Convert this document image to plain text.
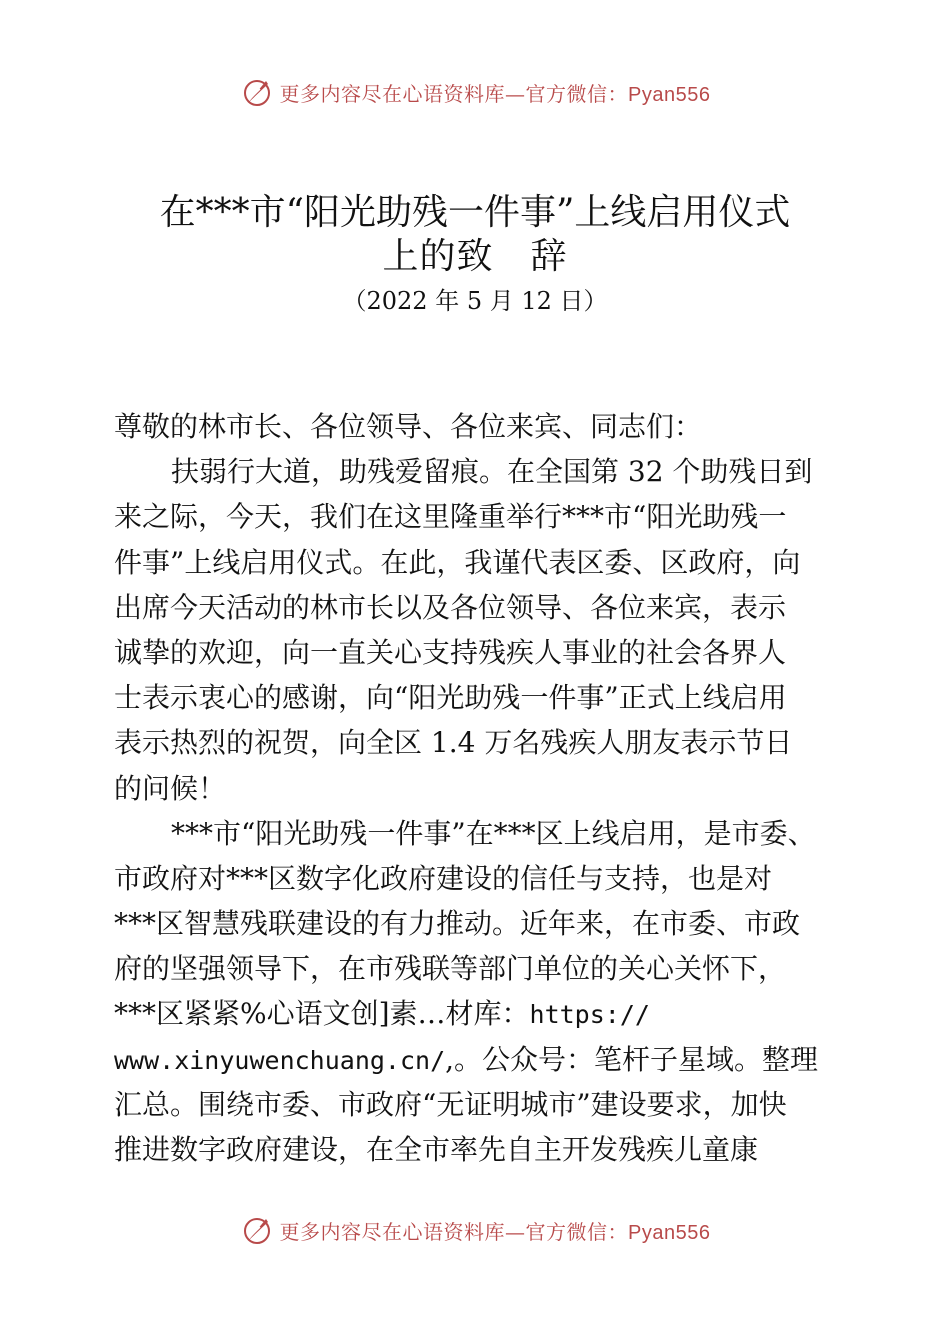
更多内容尽在心语资料库—官方微信：Pyan556
在***市“阳光助残一件事”上线启用仪式
上的致　辞
（2022 年 5 月 12 日）
尊敬的林市长、各位领导、各位来宾、同志们：
扶弱行大道，助残爱留痕。在全国第 32 个助残日到
来之际，今天，我们在这里隆重举行***市“阳光助残一
件事”上线启用仪式。在此，我谨代表区委、区政府，向
出席今天活动的林市长以及各位领导、各位来宾，表示
诚挚的欢迎，向一直关心支持残疾人事业的社会各界人
士表示衷心的感谢，向“阳光助残一件事”正式上线启用
表示热烈的祝贺，向全区 1.4 万名残疾人朋友表示节日
的问候！
***市“阳光助残一件事”在***区上线启用，是市委、
市政府对***区数字化政府建设的信任与支持，也是对
***区智慧残联建设的有力推动。近年来，在市委、市政
府的坚强领导下，在市残联等部门单位的关心关怀下，
***区紧紧%心语文创]素…材库：https://
www.xinyuwenchuang.cn/,。公众号：笔杆子星域。整理
汇总。围绕市委、市政府“无证明城市”建设要求，加快
推进数字政府建设，在全市率先自主开发残疾儿童康
更多内容尽在心语资料库—官方微信：Pyan556
